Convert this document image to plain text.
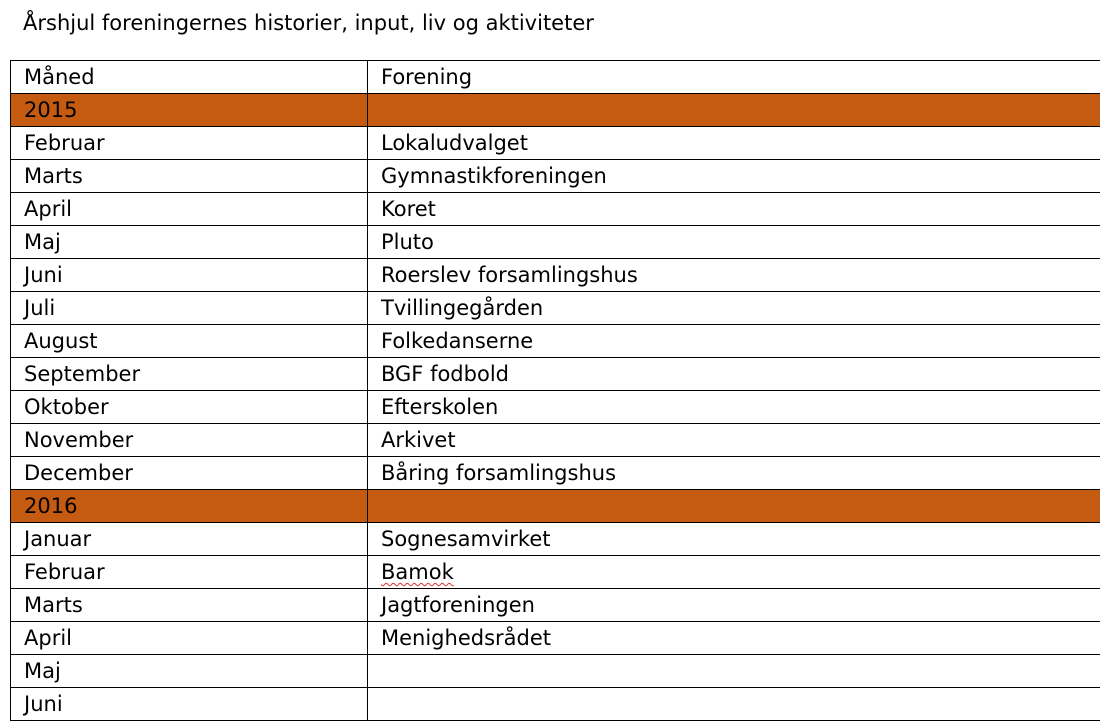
Årshjul foreningernes historier, input, liv og aktiviteter
Måned	Forening
2015	
Februar	Lokaludvalget
Marts	Gymnastikforeningen
April	Koret
Maj	Pluto
Juni	Roerslev forsamlingshus
Juli	Tvillingegården
August	Folkedanserne
September	BGF fodbold
Oktober	Efterskolen
November	Arkivet
December	Båring forsamlingshus
2016	
Januar	Sognesamvirket
Februar	Bamok
Marts	Jagtforeningen
April	Menighedsrådet
Maj	
Juni	
